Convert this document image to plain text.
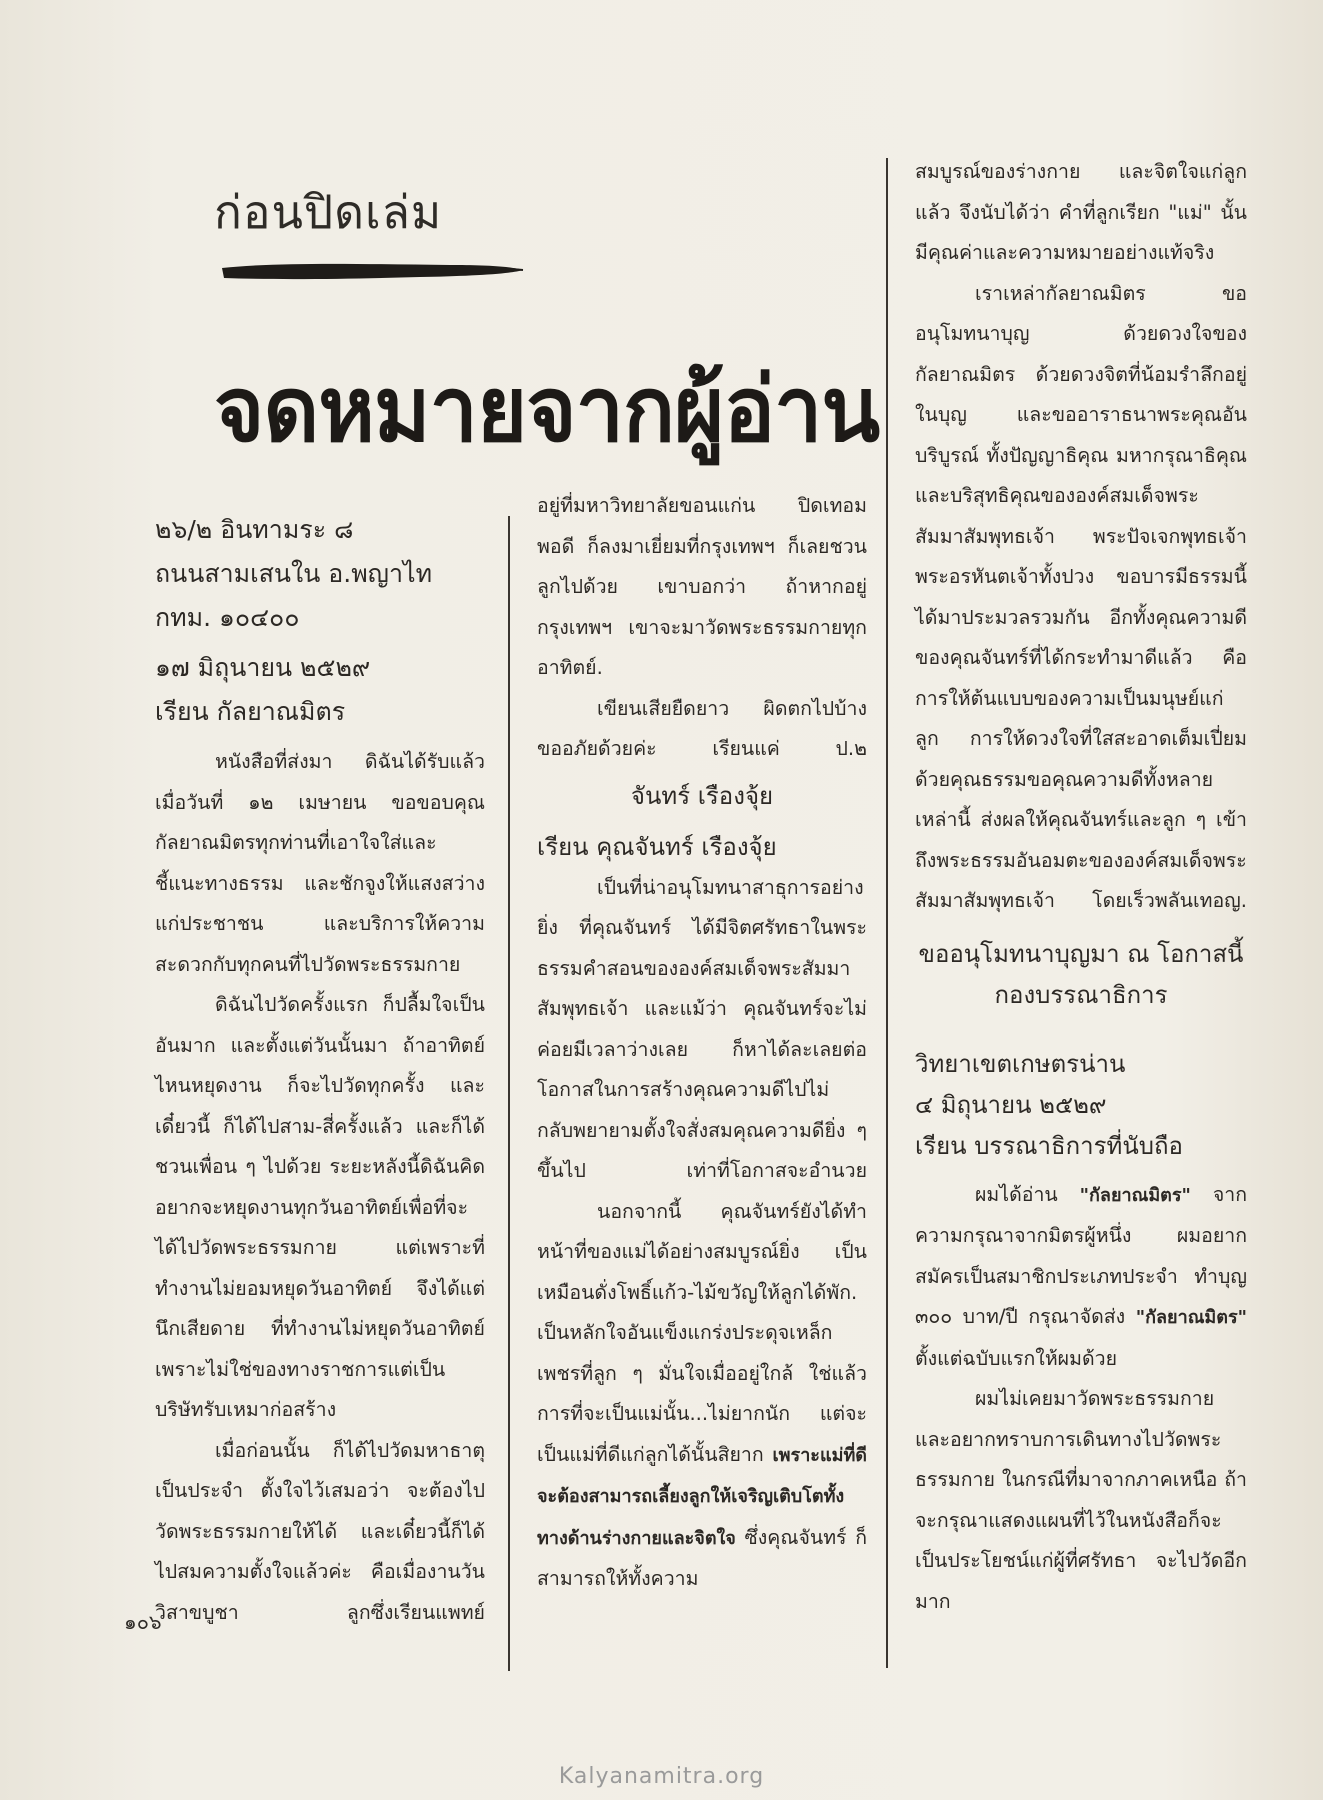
ก่อนปิดเล่ม
จดหมายจากผู้อ่าน

๒๖/๒ อินทามระ ๘

ถนนสามเสนใน อ.พญาไท

กทม. ๑๐๔๐๐

๑๗ มิถุนายน ๒๕๒๙

เรียน กัลยาณมิตร

หนังสือที่ส่งมา ดิฉันได้รับแล้วเมื่อวันที่ ๑๒ เมษายน ขอขอบคุณกัลยาณมิตรทุกท่านที่เอาใจใส่และชี้แนะทางธรรม และชักจูงให้แสงสว่างแก่ประชาชน และบริการให้ความสะดวกกับทุกคนที่ไปวัดพระธรรมกาย

ดิฉันไปวัดครั้งแรก ก็ปลื้มใจเป็นอันมาก และตั้งแต่วันนั้นมา ถ้าอาทิตย์ไหนหยุดงาน ก็จะไปวัดทุกครั้ง และเดี๋ยวนี้ ก็ได้ไปสาม-สี่ครั้งแล้ว และก็ได้ชวนเพื่อน ๆ ไปด้วย ระยะหลังนี้ดิฉันคิดอยากจะหยุดงานทุกวันอาทิตย์เพื่อที่จะได้ไปวัดพระธรรมกาย แต่เพราะที่ทำงานไม่ยอมหยุดวันอาทิตย์ จึงได้แต่นึกเสียดาย ที่ทำงานไม่หยุดวันอาทิตย์ เพราะไม่ใช่ของทางราชการแต่เป็นบริษัทรับเหมาก่อสร้าง

เมื่อก่อนนั้น ก็ได้ไปวัดมหาธาตุเป็นประจำ ตั้งใจไว้เสมอว่า จะต้องไปวัดพระธรรมกายให้ได้ และเดี๋ยวนี้ก็ได้ไปสมความตั้งใจแล้วค่ะ คือเมื่องานวันวิสาขบูชา ลูกซึ่งเรียนแพทย์

อยู่ที่มหาวิทยาลัยขอนแก่น ปิดเทอมพอดี ก็ลงมาเยี่ยมที่กรุงเทพฯ ก็เลยชวนลูกไปด้วย เขาบอกว่า ถ้าหากอยู่กรุงเทพฯ เขาจะมาวัดพระธรรมกายทุกอาทิตย์.

เขียนเสียยืดยาว ผิดตกไปบ้างขออภัยด้วยค่ะ เรียนแค่ ป.๒

จันทร์ เรืองจุ้ย

เรียน คุณจันทร์ เรืองจุ้ย

เป็นที่น่าอนุโมทนาสาธุการอย่างยิ่ง ที่คุณจันทร์ ได้มีจิตศรัทธาในพระธรรมคำสอนขององค์สมเด็จพระสัมมาสัมพุทธเจ้า และแม้ว่า คุณจันทร์จะไม่ค่อยมีเวลาว่างเลย ก็หาได้ละเลยต่อโอกาสในการสร้างคุณความดีไปไม่ กลับพยายามตั้งใจสั่งสมคุณความดียิ่ง ๆ ขึ้นไป เท่าที่โอกาสจะอำนวย

นอกจากนี้ คุณจันทร์ยังได้ทำหน้าที่ของแม่ได้อย่างสมบูรณ์ยิ่ง เป็นเหมือนดั่งโพธิ์แก้ว-ไม้ขวัญให้ลูกได้พัก. เป็นหลักใจอันแข็งแกร่งประดุจเหล็กเพชรที่ลูก ๆ มั่นใจเมื่ออยู่ใกล้ ใช่แล้ว การที่จะเป็นแม่นั้น...ไม่ยากนัก แต่จะเป็นแม่ที่ดีแก่ลูกได้นั้นสิยาก เพราะแม่ที่ดี จะต้องสามารถเลี้ยงลูกให้เจริญเติบโตทั้งทางด้านร่างกายและจิตใจ ซึ่งคุณจันทร์ ก็สามารถให้ทั้งความ

สมบูรณ์ของร่างกาย และจิตใจแก่ลูกแล้ว จึงนับได้ว่า คำที่ลูกเรียก "แม่" นั้นมีคุณค่าและความหมายอย่างแท้จริง

เราเหล่ากัลยาณมิตร ขออนุโมทนาบุญ ด้วยดวงใจของกัลยาณมิตร ด้วยดวงจิตที่น้อมรำลึกอยู่ในบุญ และขออาราธนาพระคุณอันบริบูรณ์ ทั้งปัญญาธิคุณ มหากรุณาธิคุณ และบริสุทธิคุณขององค์สมเด็จพระสัมมาสัมพุทธเจ้า พระปัจเจกพุทธเจ้า พระอรหันตเจ้าทั้งปวง ขอบารมีธรรมนี้ได้มาประมวลรวมกัน อีกทั้งคุณความดีของคุณจันทร์ที่ได้กระทำมาดีแล้ว คือการให้ต้นแบบของความเป็นมนุษย์แก่ลูก การให้ดวงใจที่ใสสะอาดเต็มเปี่ยมด้วยคุณธรรมขอคุณความดีทั้งหลายเหล่านี้ ส่งผลให้คุณจันทร์และลูก ๆ เข้าถึงพระธรรมอันอมตะขององค์สมเด็จพระสัมมาสัมพุทธเจ้า โดยเร็วพลันเทอญ.

ขออนุโมทนาบุญมา ณ โอกาสนี้

กองบรรณาธิการ

วิทยาเขตเกษตรน่าน

๔ มิถุนายน ๒๕๒๙

เรียน บรรณาธิการที่นับถือ

ผมได้อ่าน "กัลยาณมิตร" จากความกรุณาจากมิตรผู้หนึ่ง ผมอยากสมัครเป็นสมาชิกประเภทประจำ ทำบุญ ๓๐๐ บาท/ปี กรุณาจัดส่ง "กัลยาณมิตร" ตั้งแต่ฉบับแรกให้ผมด้วย

ผมไม่เคยมาวัดพระธรรมกายและอยากทราบการเดินทางไปวัดพระธรรมกาย ในกรณีที่มาจากภาคเหนือ ถ้าจะกรุณาแสดงแผนที่ไว้ในหนังสือก็จะเป็นประโยชน์แก่ผู้ที่ศรัทธา จะไปวัดอีกมาก

๑๐๖
Kalyanamitra.org
